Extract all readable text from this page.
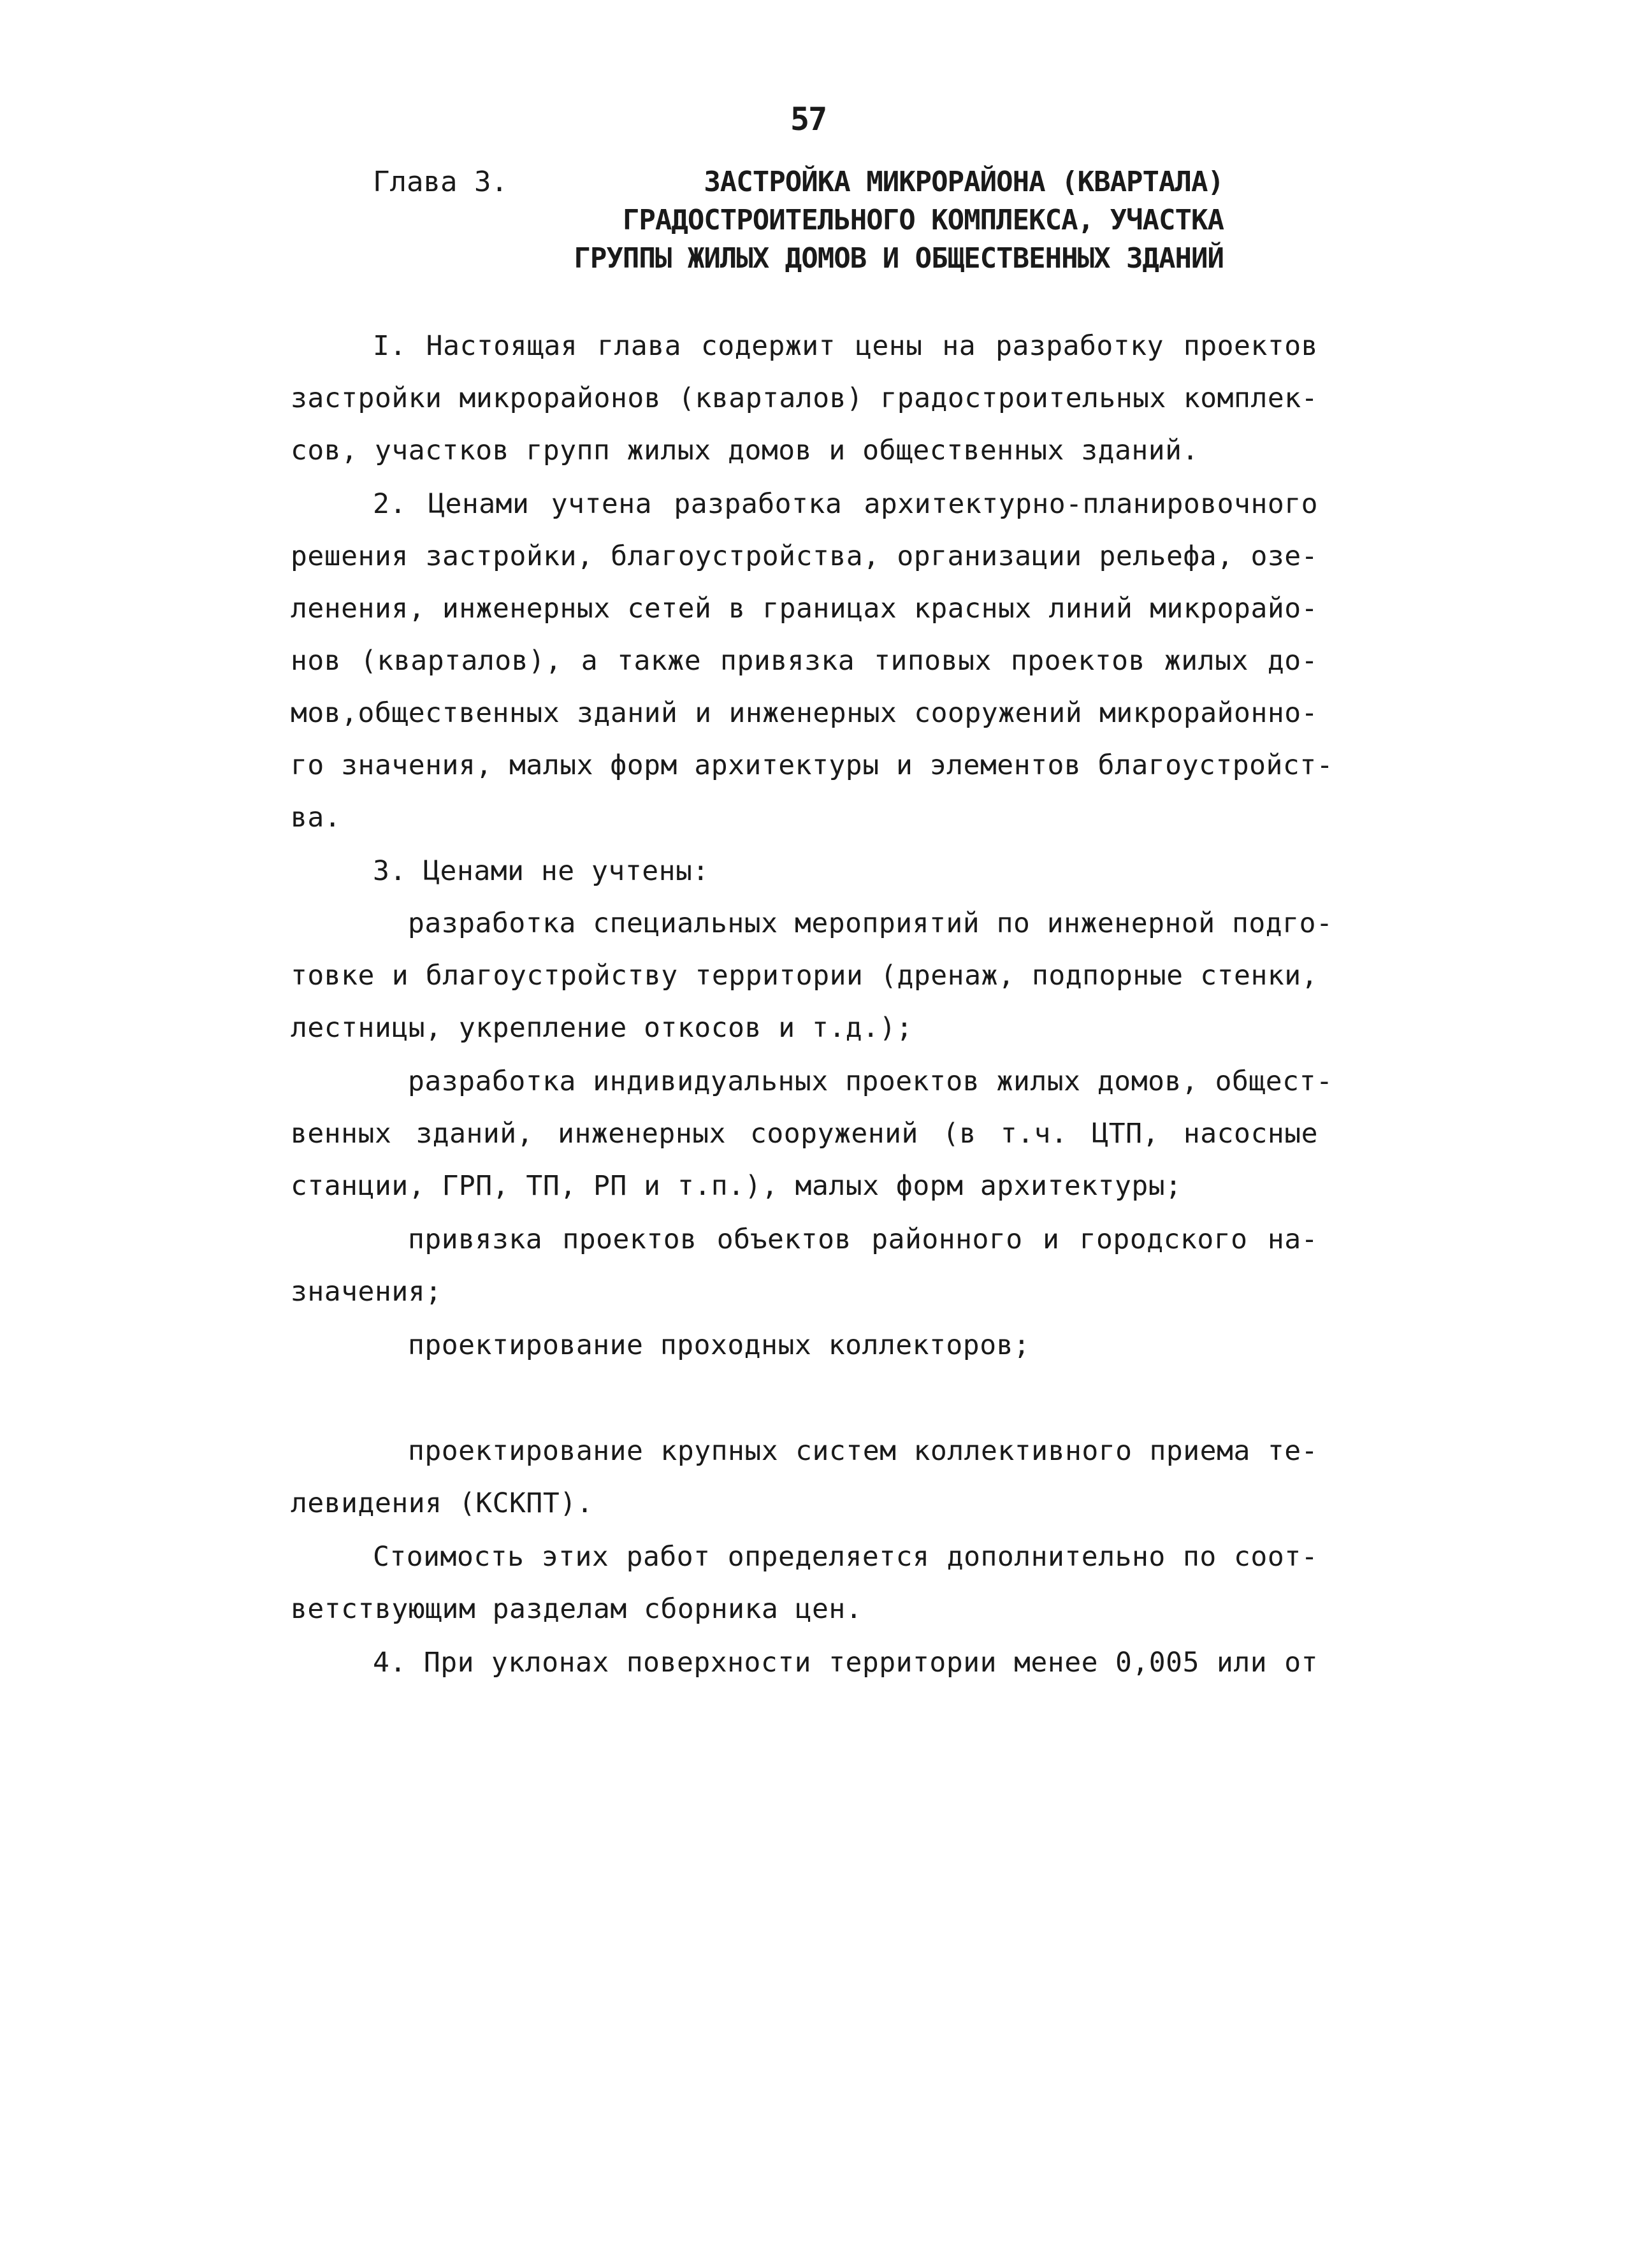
57
Глава 3.	ЗАСТРОЙКА МИКРОРАЙОНА (КВАРТАЛА)
ГРАДОСТРОИТЕЛЬНОГО КОМПЛЕКСА, УЧАСТКА
ГРУППЫ ЖИЛЫХ ДОМОВ И ОБЩЕСТВЕННЫХ ЗДАНИЙ
I. Настоящая глава содержит цены на разработку проектов
застройки микрорайонов (кварталов) градостроительных комплек-
сов, участков групп жилых домов и общественных зданий.
2. Ценами учтена разработка архитектурно-планировочного
решения застройки, благоустройства, организации рельефа, озе-
ленения, инженерных сетей в границах красных линий микрорайо-
нов (кварталов), а также привязка типовых проектов жилых до-
мов,общественных зданий и инженерных сооружений микрорайонно-
го значения, малых форм архитектуры и элементов благоустройст-
ва.
3. Ценами не учтены:
разработка специальных мероприятий по инженерной подго-
товке и благоустройству территории (дренаж, подпорные стенки,
лестницы, укрепление откосов и т.д.);
разработка индивидуальных проектов жилых домов, общест-
венных зданий, инженерных сооружений (в т.ч. ЦТП, насосные
станции, ГРП, ТП, РП и т.п.), малых форм архитектуры;
привязка проектов объектов районного и городского на-
значения;
проектирование проходных коллекторов;
проектирование крупных систем коллективного приема те-
левидения (КСКПТ).
Стоимость этих работ определяется дополнительно по соот-
ветствующим разделам сборника цен.
4. При уклонах поверхности территории менее 0,005 или от
